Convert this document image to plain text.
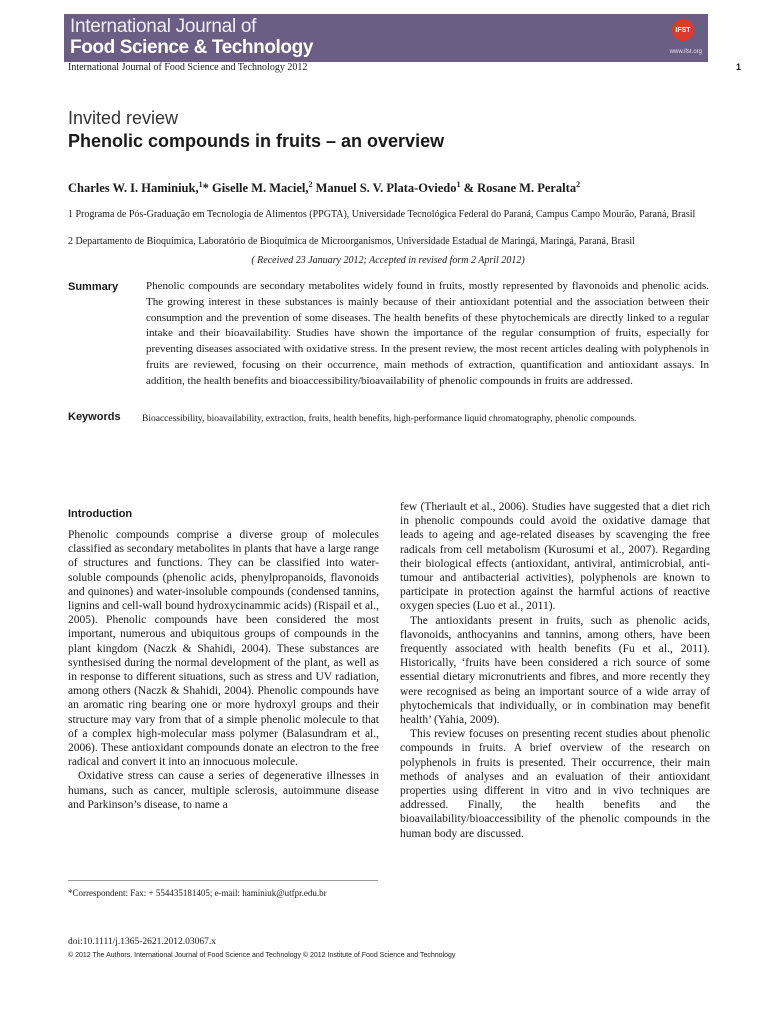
International Journal of
Food Science & Technology
IFST
www.ifst.org
International Journal of Food Science and Technology 2012	1
Invited review
Phenolic compounds in fruits – an overview
Charles W. I. Haminiuk,$^1$* Giselle M. Maciel,$^2$ Manuel S. V. Plata-Oviedo$^1$ & Rosane M. Peralta$^2$
1 Programa de Pós-Graduação em Tecnologia de Alimentos (PPGTA), Universidade Tecnológica Federal do Paraná, Campus Campo Mourão, Paraná, Brasil
2 Departamento de Bioquímica, Laboratório de Bioquímica de Microorganismos, Universidade Estadual de Maringá, Maringá, Paraná, Brasil
( Received 23 January 2012; Accepted in revised form 2 April 2012)
Summary	Phenolic compounds are secondary metabolites widely found in fruits, mostly represented by flavonoids and phenolic acids. The growing interest in these substances is mainly because of their antioxidant potential and the association between their consumption and the prevention of some diseases. The health benefits of these phytochemicals are directly linked to a regular intake and their bioavailability. Studies have shown the importance of the regular consumption of fruits, especially for preventing diseases associated with oxidative stress. In the present review, the most recent articles dealing with polyphenols in fruits are reviewed, focusing on their occurrence, main methods of extraction, quantification and antioxidant assays. In addition, the health benefits and bioaccessibility/bioavailability of phenolic compounds in fruits are addressed.
Keywords Bioaccessibility, bioavailability, extraction, fruits, health benefits, high-performance liquid chromatography, phenolic compounds.
Introduction

Phenolic compounds comprise a diverse group of molecules classified as secondary metabolites in plants that have a large range of structures and functions. They can be classified into water-soluble compounds (phenolic acids, phenylpropanoids, flavonoids and quinones) and water-insoluble compounds (condensed tannins, lignins and cell-wall bound hydroxycinammic acids) (Rispail et al., 2005). Phenolic compounds have been considered the most important, numerous and ubiquitous groups of compounds in the plant kingdom (Naczk & Shahidi, 2004). These substances are synthesised during the normal development of the plant, as well as in response to different situations, such as stress and UV radiation, among others (Naczk & Shahidi, 2004). Phenolic compounds have an aromatic ring bearing one or more hydroxyl groups and their structure may vary from that of a simple phenolic molecule to that of a complex high-molecular mass polymer (Balasundram et al., 2006). These antioxidant compounds donate an electron to the free radical and convert it into an innocuous molecule.

Oxidative stress can cause a series of degenerative illnesses in humans, such as cancer, multiple sclerosis, autoimmune disease and Parkinson’s disease, to name a

few (Theriault et al., 2006). Studies have suggested that a diet rich in phenolic compounds could avoid the oxidative damage that leads to ageing and age-related diseases by scavenging the free radicals from cell metabolism (Kurosumi et al., 2007). Regarding their biological effects (antioxidant, antiviral, antimicrobial, anti-tumour and antibacterial activities), polyphenols are known to participate in protection against the harmful actions of reactive oxygen species (Luo et al., 2011).

The antioxidants present in fruits, such as phenolic acids, flavonoids, anthocyanins and tannins, among others, have been frequently associated with health benefits (Fu et al., 2011). Historically, ‘fruits have been considered a rich source of some essential dietary micronutrients and fibres, and more recently they were recognised as being an important source of a wide array of phytochemicals that individually, or in combination may benefit health’ (Yahia, 2009).

This review focuses on presenting recent studies about phenolic compounds in fruits. A brief overview of the research on polyphenols in fruits is presented. Their occurrence, their main methods of analyses and an evaluation of their antioxidant properties using different in vitro and in vivo techniques are addressed. Finally, the health benefits and the bioavailability/bioaccessibility of the phenolic compounds in the human body are discussed.

*Correspondent: Fax: + 554435181405; e-mail: haminiuk@utfpr.edu.br
doi:10.1111/j.1365-2621.2012.03067.x
© 2012 The Authors. International Journal of Food Science and Technology © 2012 Institute of Food Science and Technology
